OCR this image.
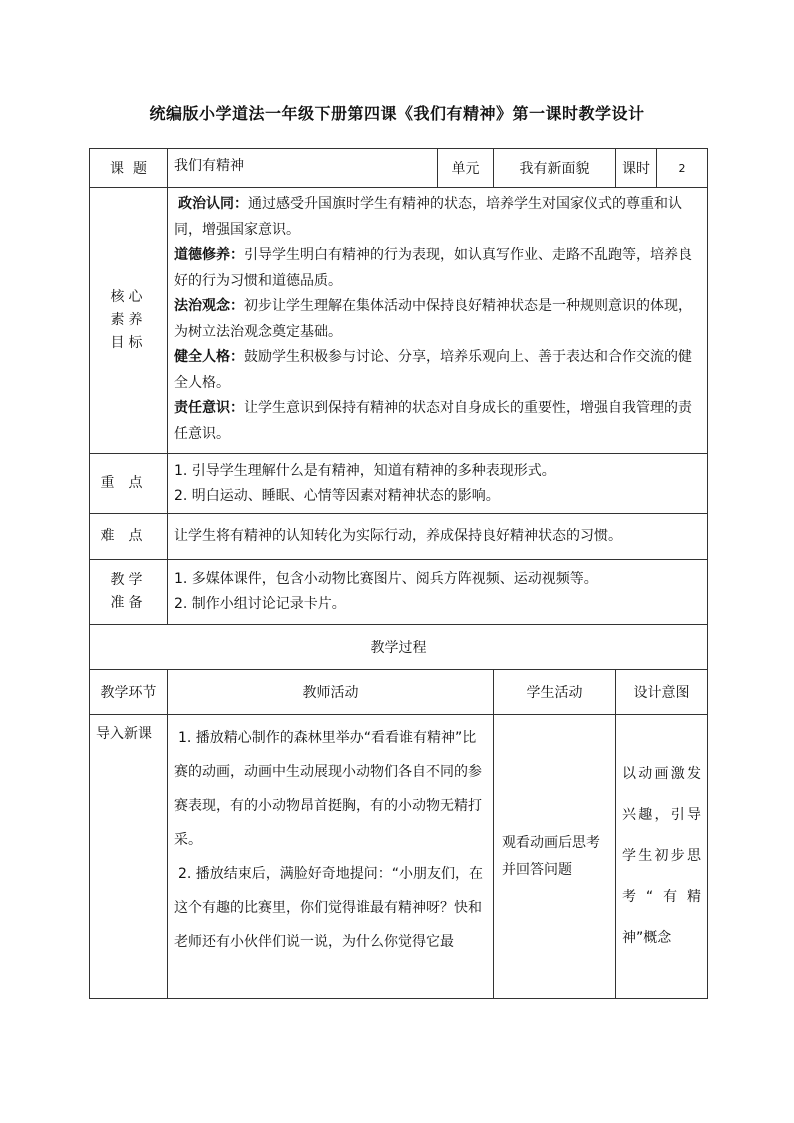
统编版小学道法一年级下册第四课《我们有精神》第一课时教学设计
课  题	我们有精神	单元	我有新面貌	课时 2

核心素养目标	政治认同：通过感受升国旗时学生有精神的状态，培养学生对国家仪式的尊重和认同，增强国家意识。

道德修养：引导学生明白有精神的行为表现，如认真写作业、走路不乱跑等，培养良好的行为习惯和道德品质。

法治观念：初步让学生理解在集体活动中保持良好精神状态是一种规则意识的体现，为树立法治观念奠定基础。

健全人格：鼓励学生积极参与讨论、分享，培养乐观向上、善于表达和合作交流的健全人格。

责任意识：让学生意识到保持有精神的状态对自身成长的重要性，增强自我管理的责任意识。			

重点	1. 引导学生理解什么是有精神，知道有精神的多种表现形式。

2. 明白运动、睡眠、心情等因素对精神状态的影响。			

难点	让学生将有精神的认知转化为实际行动，养成保持良好精神状态的习惯。			
教学准备	1. 多媒体课件，包含小动物比赛图片、阅兵方阵视频、运动视频等。

2. 制作小组讨论记录卡片。			

教学过程				
教学环节	教师活动		学生活动	设计意图
导入新课	1. 播放精心制作的森林里举办“看看谁有精神”比赛的动画，动画中生动展现小动物们各自不同的参赛表现，有的小动物昂首挺胸，有的小动物无精打采。

2. 播放结束后，满脸好奇地提问：“小朋友们，在这个有趣的比赛里，你们觉得谁最有精神呀？快和老师还有小伙伴们说一说，为什么你觉得它最		观看动画后思考并回答问题	以动画激发兴趣，引导学生初步思考“有精神”概念
